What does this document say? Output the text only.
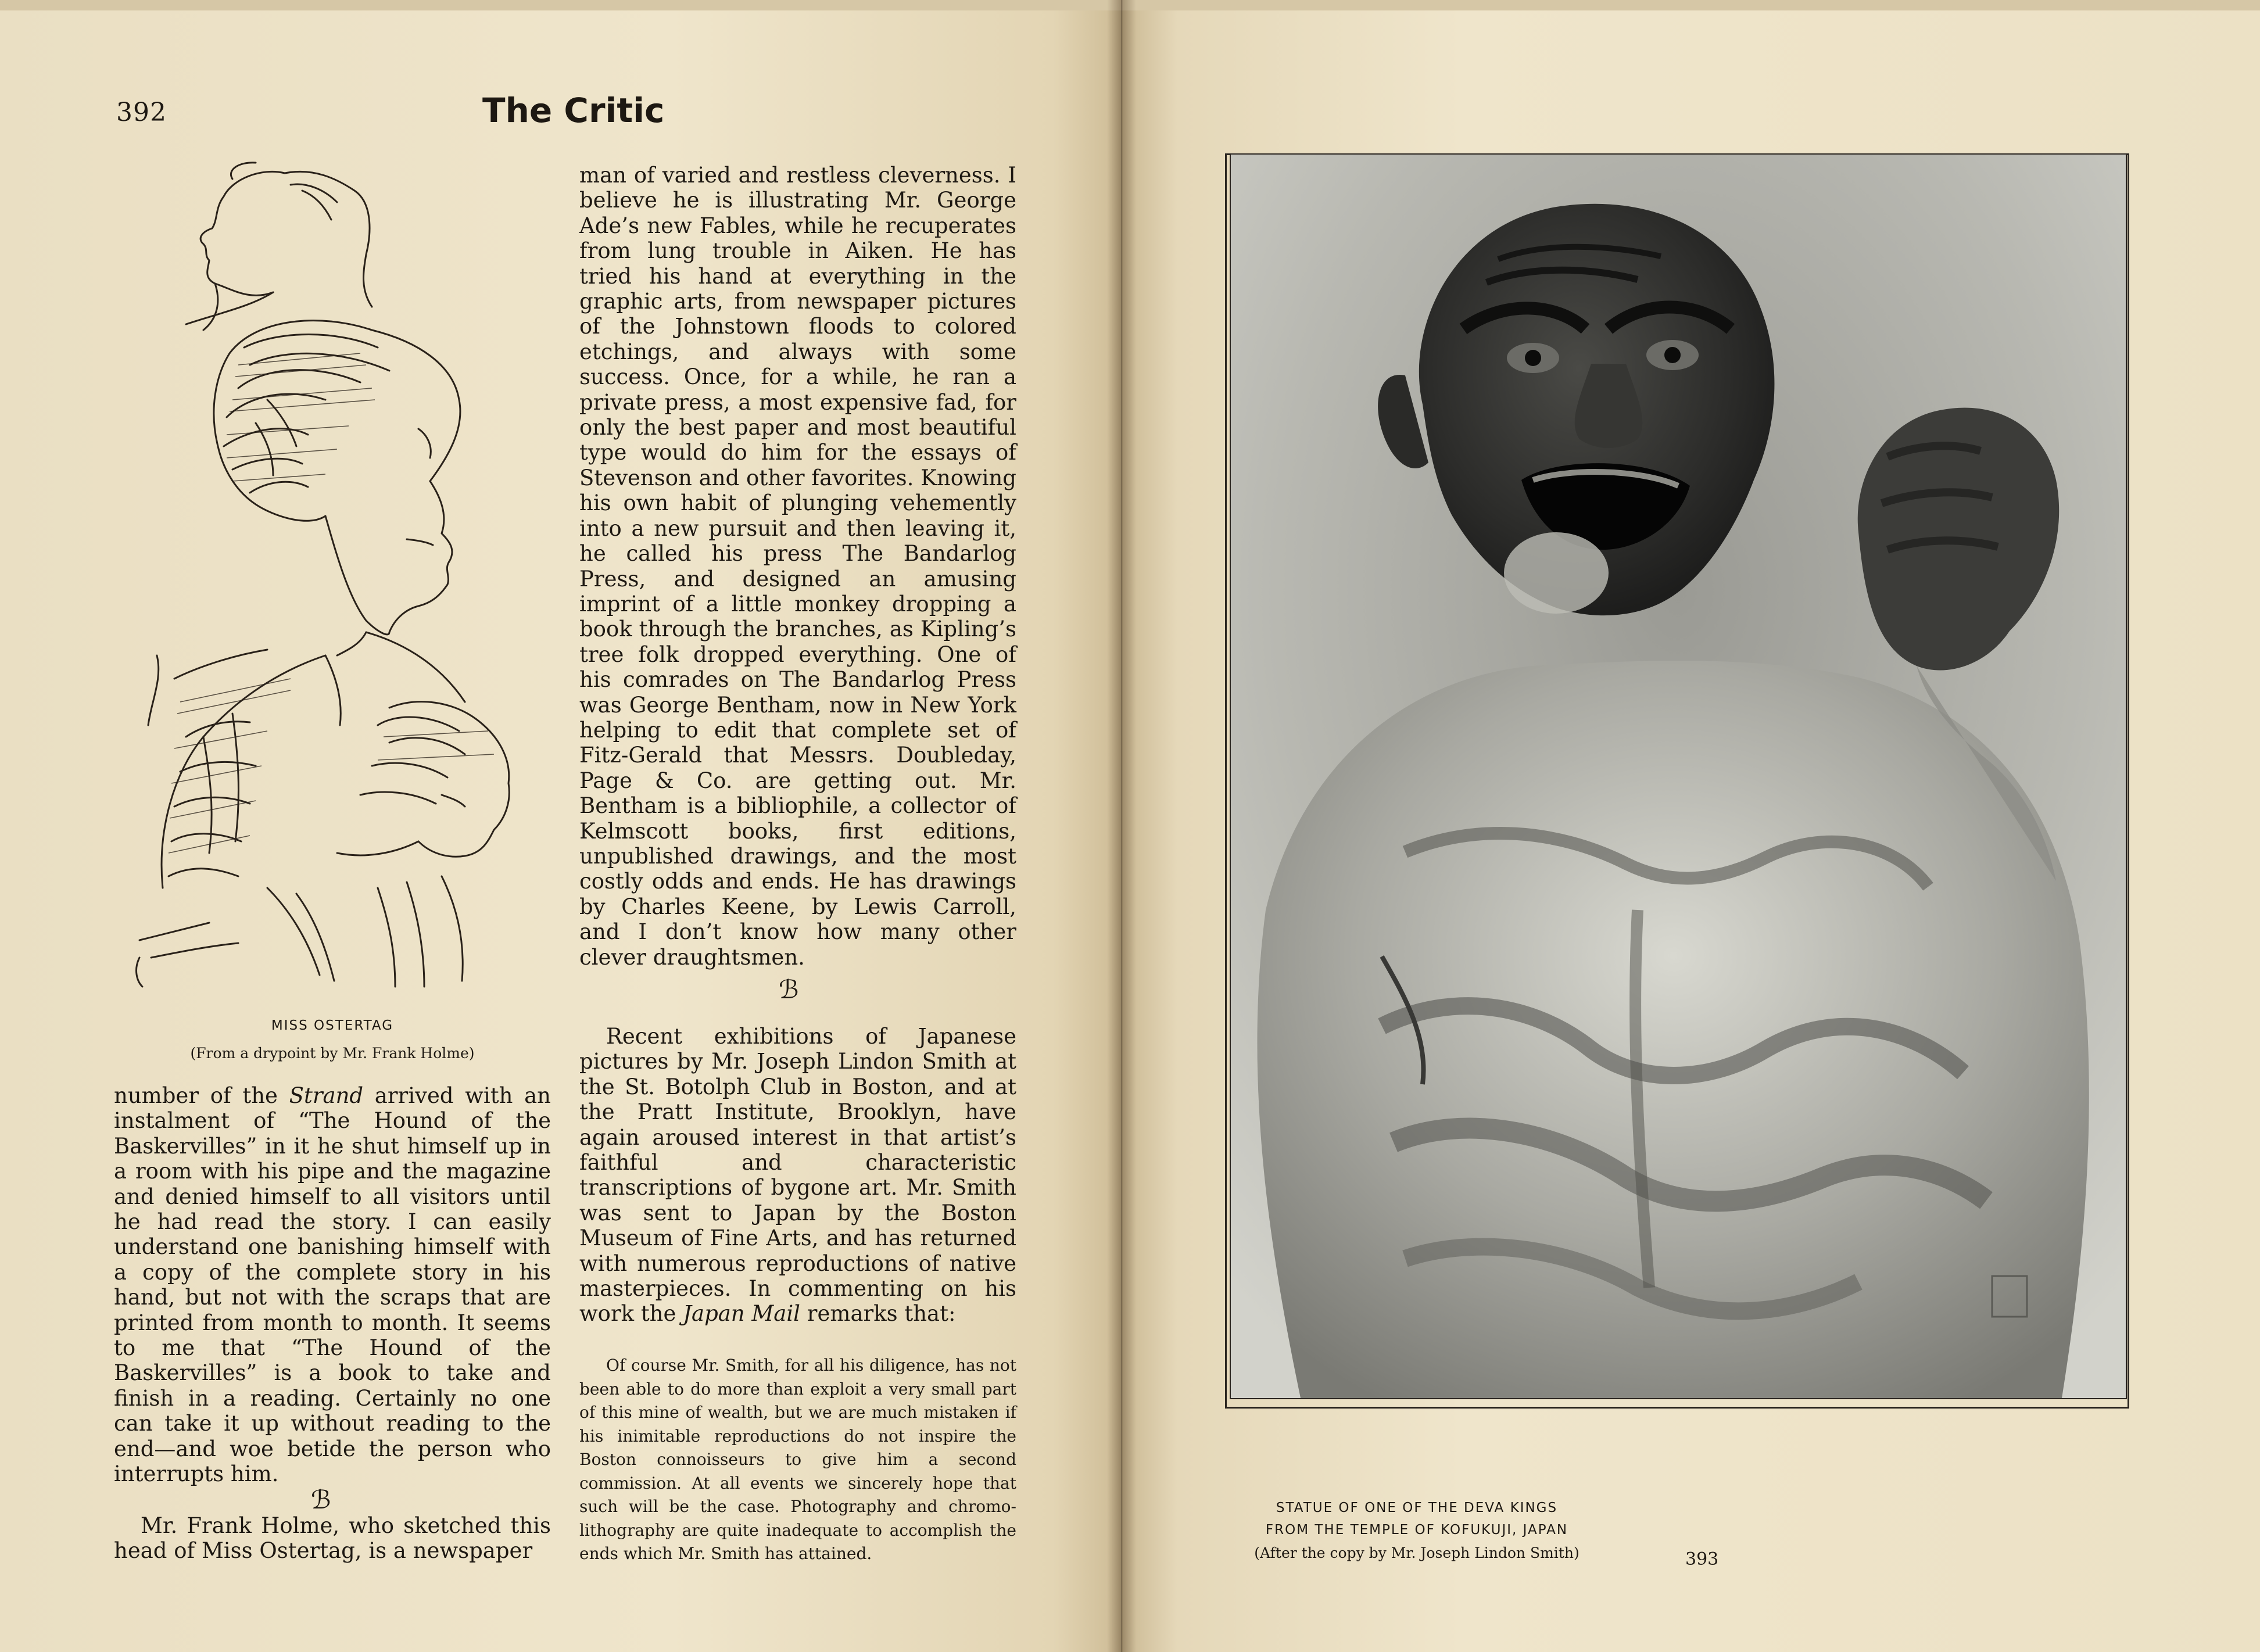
392	The Critic
MISS OSTERTAG
(From a drypoint by Mr. Frank Holme)

man of varied and restless cleverness. I believe he is illustrating Mr. George Ade’s new Fables, while he recuperates from lung trouble in Aiken. He has tried his hand at everything in the graphic arts, from newspaper pictures of the Johnstown floods to colored etchings, and always with some success. Once, for a while, he ran a private press, a most expensive fad, for only the best paper and most beautiful type would do him for the essays of Stevenson and other favorites. Knowing his own habit of plunging vehemently into a new pursuit and then leaving it, he called his press The Bandarlog Press, and designed an amusing imprint of a little monkey dropping a book through the branches, as Kipling’s tree folk dropped everything. One of his comrades on The Bandarlog Press was George Bentham, now in New York helping to edit that complete set of Fitz-Gerald that Messrs. Doubleday, Page & Co. are getting out. Mr. Bentham is a bibliophile, a collector of Kelmscott books, first editions, unpublished drawings, and the most costly odds and ends. He has drawings by Charles Keene, by Lewis Carroll, and I don’t know how many other clever draughtsmen.

ℬ

Recent exhibitions of Japanese pictures by Mr. Joseph Lindon Smith at the St. Botolph Club in Boston, and at the Pratt Institute, Brooklyn, have again aroused interest in that artist’s faithful and characteristic transcriptions of bygone art. Mr. Smith was sent to Japan by the Boston Museum of Fine Arts, and has returned with numerous reproductions of native masterpieces. In commenting on his work the Japan Mail remarks that:

Of course Mr. Smith, for all his diligence, has not been able to do more than exploit a very small part of this mine of wealth, but we are much mistaken if his inimitable reproductions do not inspire the Boston connoisseurs to give him a second commission. At all events we sincerely hope that such will be the case. Photography and chromo-lithography are quite inadequate to accomplish the ends which Mr. Smith has attained.

number of the Strand arrived with an instalment of “The Hound of the Baskervilles” in it he shut himself up in a room with his pipe and the magazine and denied himself to all visitors until he had read the story. I can easily understand one banishing himself with a copy of the complete story in his hand, but not with the scraps that are printed from month to month. It seems to me that “The Hound of the Baskervilles” is a book to take and finish in a reading. Certainly no one can take it up without reading to the end—and woe betide the person who interrupts him.

ℬ

Mr. Frank Holme, who sketched this head of Miss Ostertag, is a newspaper

STATUE OF ONE OF THE DEVA KINGS
FROM THE TEMPLE OF KOFUKUJI, JAPAN
(After the copy by Mr. Joseph Lindon Smith)	393
